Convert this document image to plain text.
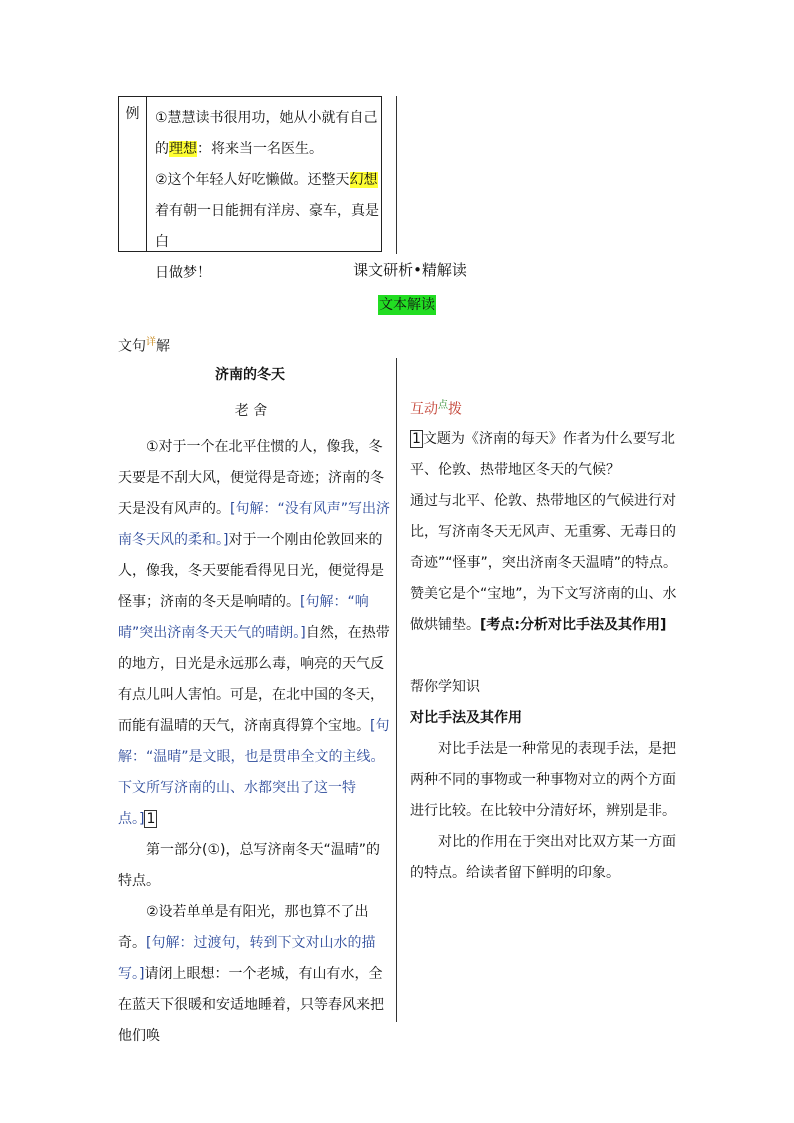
例	①慧慧读书很用功，她从小就有自己
的理想：将来当一名医生。
②这个年轻人好吃懒做。还整天幻想
着有朝一日能拥有洋房、豪车，真是白
日做梦！	课文研析•精解读
文本解读
文句$^详$解
济南的冬天
老 舍

①对于一个在北平住惯的人，像我，冬天要是不刮大风，便觉得是奇迹；济南的冬天是没有风声的。[句解：“没有风声”写出济南冬天风的柔和。]对于一个刚由伦敦回来的人，像我，冬天要能看得见日光，便觉得是怪事；济南的冬天是响晴的。[句解：“响晴”突出济南冬天天气的晴朗。]自然，在热带的地方，日光是永远那么毒，响亮的天气反有点儿叫人害怕。可是，在北中国的冬天，而能有温晴的天气，济南真得算个宝地。[句解：“温晴”是文眼，也是贯串全文的主线。下文所写济南的山、水都突出了这一特点。] 1

第一部分(①)，总写济南冬天“温晴”的特点。

②设若单单是有阳光，那也算不了出奇。[句解：过渡句，转到下文对山水的描写。]请闭上眼想：一个老城，有山有水，全在蓝天下很暖和安适地睡着，只等春风来把他们唤

互动$^点$拨

1 文题为《济南的每天》作者为什么要写北平、伦敦、热带地区冬天的气候？

通过与北平、伦敦、热带地区的气候进行对比，写济南冬天无风声、无重雾、无毒日的奇迹”“怪事”，突出济南冬天温晴”的特点。赞美它是个“宝地”，为下文写济南的山、水做烘铺垫。[考点:分析对比手法及其作用]

帮你学知识

对比手法及其作用

对比手法是一种常见的表现手法，是把两种不同的事物或一种事物对立的两个方面进行比较。在比较中分清好坏，辨别是非。

对比的作用在于突出对比双方某一方面的特点。给读者留下鲜明的印象。
